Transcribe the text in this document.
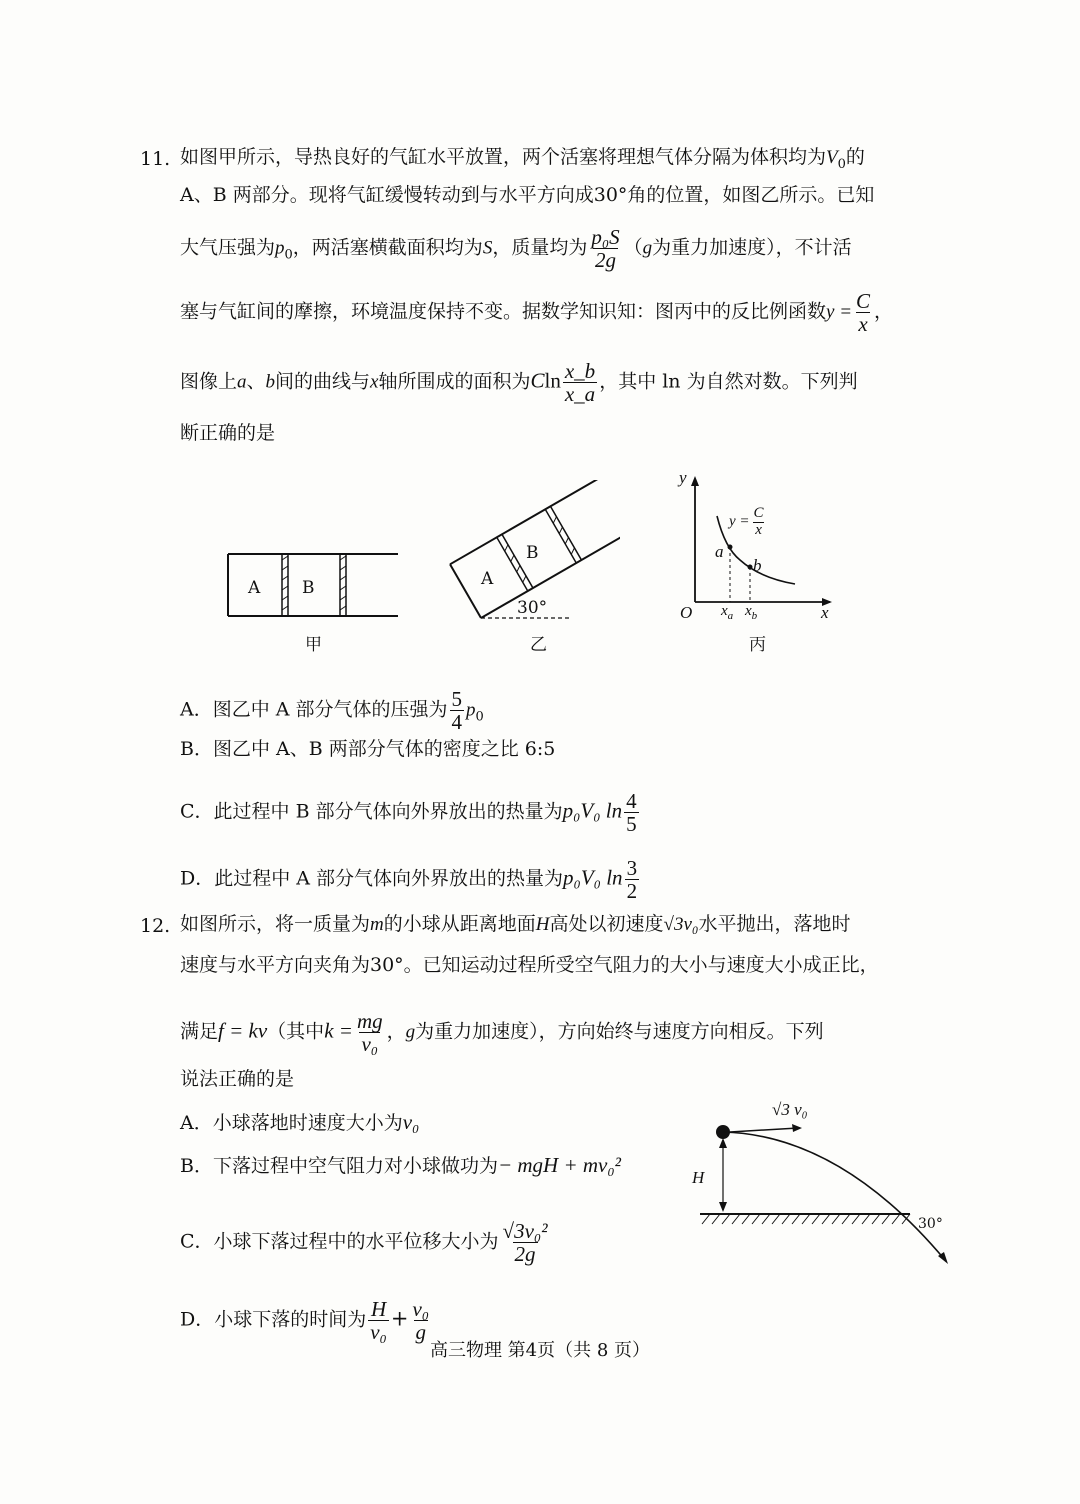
11. 如图甲所示，导热良好的气缸水平放置，两个活塞将理想气体分隔为体积均为$V_0$的
A、B 两部分。现将气缸缓慢转动到与水平方向成30°角的位置，如图乙所示。已知
大气压强为$p_0$，两活塞横截面积均为S，质量均为 $\frac{\text{p₀S}}{2g} (g$为重力加速度），不计活
塞与气缸间的摩擦，环境温度保持不变。据数学知识知：图丙中的反比例函数$y = \frac{C}{x}$ ，
图像上a、b间的曲线与x轴所围成的面积为Cln $\frac{x\_b}{x\_a}$ ，其中 ln 为自然对数。下列判
断正确的是
A B
甲
A
B
30°
乙
y
x
O
a
b
$y = \frac{C}{x}$
$x_a$ $x_b$
丙
A．图乙中 A 部分气体的压强为 $\frac{5}{4} p_0$
B．图乙中 A、B 两部分气体的密度之比 6:5
C．此过程中 B 部分气体向外界放出的热量为p₀V₀ $\ln \frac{4}{5}$
D．此过程中 A 部分气体向外界放出的热量为p₀V₀ $\ln \frac{3}{2}$
12. 如图所示，将一质量为m的小球从距离地面H高处以初速度√3v₀水平抛出，落地时
速度与水平方向夹角为30°。已知运动过程所受空气阻力的大小与速度大小成正比，
满足f = kv（其中$k = \frac{mg}{\text{v₀}}$ ，g为重力加速度），方向始终与速度方向相反。下列
说法正确的是
A．小球落地时速度大小为v₀
B．下落过程中空气阻力对小球做功为− mgH + mv₀²
C．小球下落过程中的水平位移大小为 $\frac{\text{√3v₀²}}{2g}$
D．小球下落的时间为 $\frac{H}{\text{v₀}} + \frac{\text{v₀}}{g}$
√3 v₀
H
30°
高三物理 第4页（共 8 页）
